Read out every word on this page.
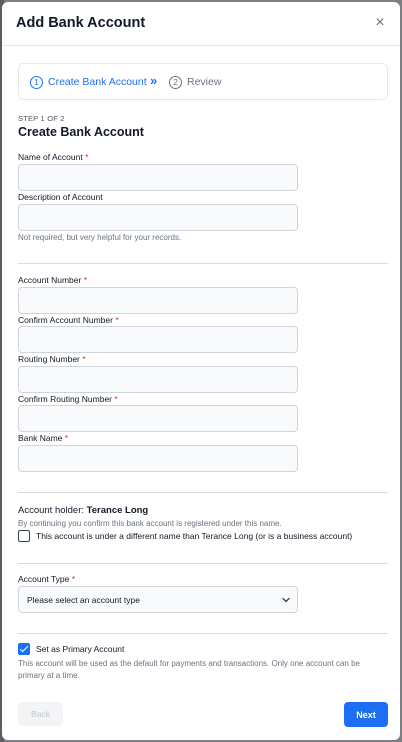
Add Bank Account	×
1 Create Bank Account »	2 Review
STEP 1 OF 2
Create Bank Account
Name of Account *
Description of Account
Not required, but very helpful for your records.
Account Number *
Confirm Account Number *
Routing Number *
Confirm Routing Number *
Bank Name *
Account holder: Terance Long
By continuing you confirm this bank account is registered under this name.
This account is under a different name than Terance Long (or is a business account)
Account Type *
Please select an account type
Set as Primary Account
This account will be used as the default for payments and transactions. Only one account can be primary at a time.
Back	Next
